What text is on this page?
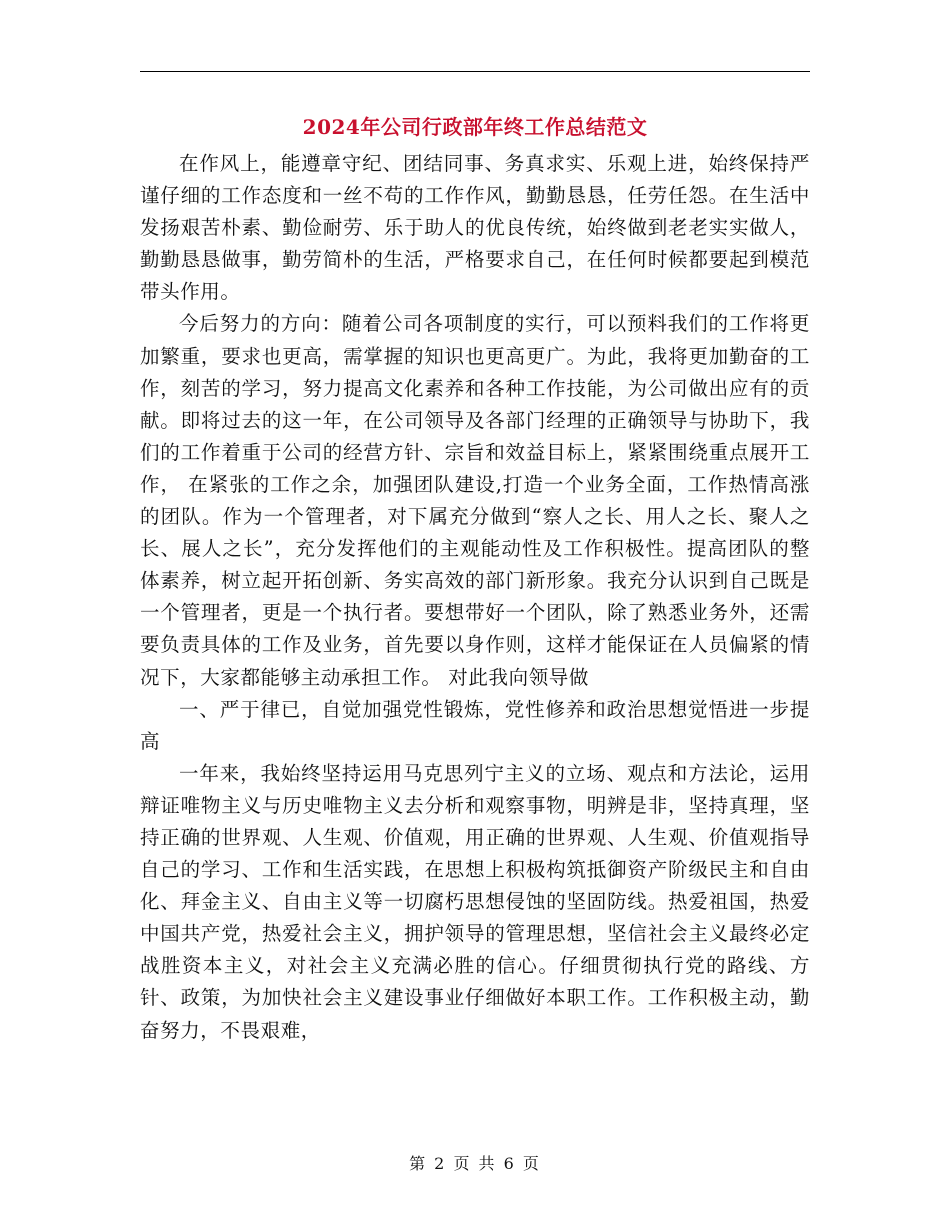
2024年公司行政部年终工作总结范文

在作风上，能遵章守纪、团结同事、务真求实、乐观上进，始终保持严谨仔细的工作态度和一丝不苟的工作作风，勤勤恳恳，任劳任怨。在生活中发扬艰苦朴素、勤俭耐劳、乐于助人的优良传统，始终做到老老实实做人，勤勤恳恳做事，勤劳简朴的生活，严格要求自己，在任何时候都要起到模范带头作用。

今后努力的方向：随着公司各项制度的实行，可以预料我们的工作将更加繁重，要求也更高，需掌握的知识也更高更广。为此，我将更加勤奋的工作，刻苦的学习，努力提高文化素养和各种工作技能，为公司做出应有的贡献。即将过去的这一年，在公司领导及各部门经理的正确领导与协助下，我们的工作着重于公司的经营方针、宗旨和效益目标上，紧紧围绕重点展开工作， 在紧张的工作之余，加强团队建设,打造一个业务全面，工作热情高涨的团队。作为一个管理者，对下属充分做到“察人之长、用人之长、聚人之长、展人之长”，充分发挥他们的主观能动性及工作积极性。提高团队的整体素养，树立起开拓创新、务实高效的部门新形象。我充分认识到自己既是一个管理者，更是一个执行者。要想带好一个团队，除了熟悉业务外，还需要负责具体的工作及业务，首先要以身作则，这样才能保证在人员偏紧的情况下，大家都能够主动承担工作。 对此我向领导做

一、严于律已，自觉加强党性锻炼，党性修养和政治思想觉悟进一步提高

一年来，我始终坚持运用马克思列宁主义的立场、观点和方法论，运用辩证唯物主义与历史唯物主义去分析和观察事物，明辨是非，坚持真理，坚持正确的世界观、人生观、价值观，用正确的世界观、人生观、价值观指导自己的学习、工作和生活实践，在思想上积极构筑抵御资产阶级民主和自由化、拜金主义、自由主义等一切腐朽思想侵蚀的坚固防线。热爱祖国，热爱中国共产党，热爱社会主义，拥护领导的管理思想，坚信社会主义最终必定战胜资本主义，对社会主义充满必胜的信心。仔细贯彻执行党的路线、方针、政策，为加快社会主义建设事业仔细做好本职工作。工作积极主动，勤奋努力，不畏艰难，

第 2 页 共 6 页
